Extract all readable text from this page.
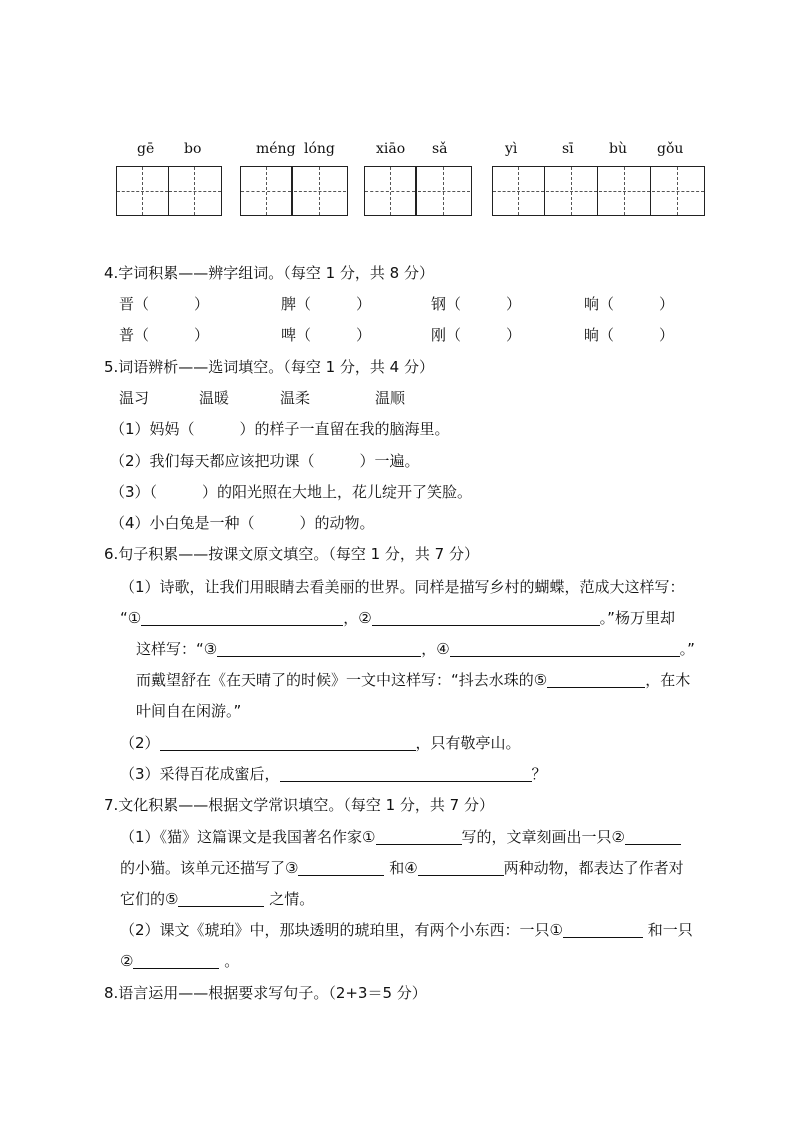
gē bo	méng lóng	xiāo sǎ	yì	sī	bù gǒu
4.字词积累——辨字组词。（每空 1 分，共 8 分）
晋（　　　）	脾（　　　）	钢（　　　）	响（　　　）
普（　　　）	啤（　　　）	刚（　　　）	晌（　　　）
5.词语辨析——选词填空。（每空 1 分，共 4 分）
温习	温暖	温柔	温顺
（1）妈妈（　　　）的样子一直留在我的脑海里。
（2）我们每天都应该把功课（　　　）一遍。
（3）（　　　）的阳光照在大地上，花儿绽开了笑脸。
（4）小白兔是一种（　　　）的动物。
6.句子积累——按课文原文填空。（每空 1 分，共 7 分）
（1）诗歌，让我们用眼睛去看美丽的世界。同样是描写乡村的蝴蝶，范成大这样写：
“①	，②	。”杨万里却
这样写：“③	，④	。”
而戴望舒在《在天晴了的时候》一文中这样写：“抖去水珠的⑤	，在木
叶间自在闲游。”
（2）	，只有敬亭山。
（3）采得百花成蜜后，	？
7.文化积累——根据文学常识填空。（每空 1 分，共 7 分）
（1）《猫》这篇课文是我国著名作家①	写的，文章刻画出一只②
的小猫。该单元还描写了③	和④	两种动物，都表达了作者对
它们的⑤	之情。
（2）课文《琥珀》中，那块透明的琥珀里，有两个小东西：一只①	和一只
②	。
8.语言运用——根据要求写句子。（2+3＝5 分）
